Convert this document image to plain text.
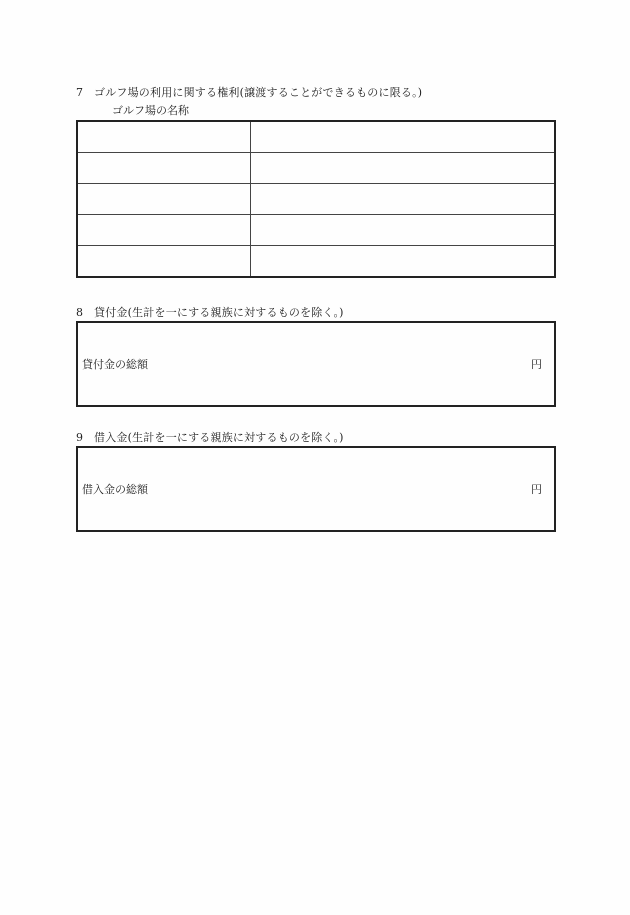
7 ゴルフ場の利用に関する権利(譲渡することができるものに限る。)
ゴルフ場の名称

8 貸付金(生計を一にする親族に対するものを除く。)
貸付金の総額	円
9 借入金(生計を一にする親族に対するものを除く。)
借入金の総額	円
